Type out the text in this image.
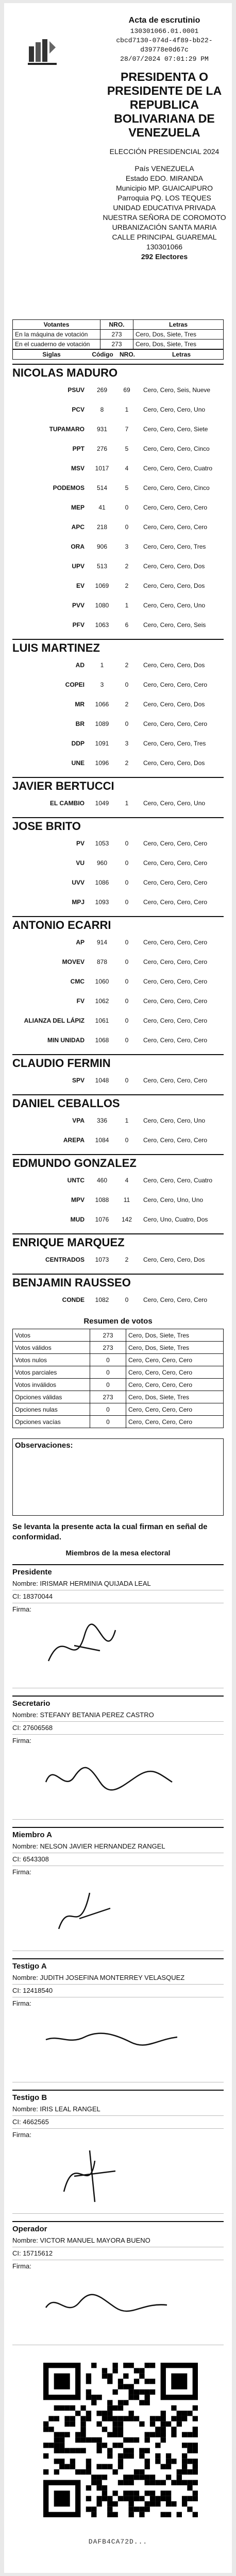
Acta de escrutinio
130301066.01.0001
cbcd7130-074d-4f89-bb22-
d39778e0d67c
28/07/2024 07:01:29 PM
PRESIDENTA O PRESIDENTE DE LA REPUBLICA BOLIVARIANA DE VENEZUELA
ELECCIÓN PRESIDENCIAL 2024
País VENEZUELA
Estado EDO. MIRANDA
Municipio MP. GUAICAIPURO
Parroquia PQ. LOS TEQUES
UNIDAD EDUCATIVA PRIVADA NUESTRA SEÑORA DE COROMOTO URBANIZACIÓN SANTA MARIA CALLE PRINCIPAL GUAREMAL
130301066
292 Electores
Votantes	NRO.	Letras
En la máquina de votación	273	Cero, Dos, Siete, Tres
En el cuaderno de votación	273	Cero, Dos, Siete, Tres
Siglas	Código	NRO.	Letras
NICOLAS MADURO
PSUV	269	69	Cero, Cero, Seis, Nueve
PCV	8	1	Cero, Cero, Cero, Uno
TUPAMARO	931	7	Cero, Cero, Cero, Siete
PPT	276	5	Cero, Cero, Cero, Cinco
MSV	1017	4	Cero, Cero, Cero, Cuatro
PODEMOS	514	5	Cero, Cero, Cero, Cinco
MEP	41	0	Cero, Cero, Cero, Cero
APC	218	0	Cero, Cero, Cero, Cero
ORA	906	3	Cero, Cero, Cero, Tres
UPV	513	2	Cero, Cero, Cero, Dos
EV	1069	2	Cero, Cero, Cero, Dos
PVV	1080	1	Cero, Cero, Cero, Uno
PFV	1063	6	Cero, Cero, Cero, Seis
LUIS MARTINEZ
AD	1	2	Cero, Cero, Cero, Dos
COPEI	3	0	Cero, Cero, Cero, Cero
MR	1066	2	Cero, Cero, Cero, Dos
BR	1089	0	Cero, Cero, Cero, Cero
DDP	1091	3	Cero, Cero, Cero, Tres
UNE	1096	2	Cero, Cero, Cero, Dos
JAVIER BERTUCCI
EL CAMBIO	1049	1	Cero, Cero, Cero, Uno
JOSE BRITO
PV	1053	0	Cero, Cero, Cero, Cero
VU	960	0	Cero, Cero, Cero, Cero
UVV	1086	0	Cero, Cero, Cero, Cero
MPJ	1093	0	Cero, Cero, Cero, Cero
ANTONIO ECARRI
AP	914	0	Cero, Cero, Cero, Cero
MOVEV	878	0	Cero, Cero, Cero, Cero
CMC	1060	0	Cero, Cero, Cero, Cero
FV	1062	0	Cero, Cero, Cero, Cero
ALIANZA DEL LÁPIZ	1061	0	Cero, Cero, Cero, Cero
MIN UNIDAD	1068	0	Cero, Cero, Cero, Cero
CLAUDIO FERMIN
SPV	1048	0	Cero, Cero, Cero, Cero
DANIEL CEBALLOS
VPA	336	1	Cero, Cero, Cero, Uno
AREPA	1084	0	Cero, Cero, Cero, Cero
EDMUNDO GONZALEZ
UNTC	460	4	Cero, Cero, Cero, Cuatro
MPV	1088	11	Cero, Cero, Uno, Uno
MUD	1076	142	Cero, Uno, Cuatro, Dos
ENRIQUE MARQUEZ
CENTRADOS	1073	2	Cero, Cero, Cero, Dos
BENJAMIN RAUSSEO
CONDE	1082	0	Cero, Cero, Cero, Cero
Resumen de votos
Votos	273	Cero, Dos, Siete, Tres
Votos válidos	273	Cero, Dos, Siete, Tres
Votos nulos	0	Cero, Cero, Cero, Cero
Votos parciales	0	Cero, Cero, Cero, Cero
Votos inválidos	0	Cero, Cero, Cero, Cero
Opciones válidas	273	Cero, Dos, Siete, Tres
Opciones nulas	0	Cero, Cero, Cero, Cero
Opciones vacías	0	Cero, Cero, Cero, Cero
Observaciones:
Se levanta la presente acta la cual firman en señal de conformidad.
Miembros de la mesa electoral
Presidente
Nombre: IRISMAR HERMINIA QUIJADA LEAL
CI: 18370044
Firma:
Secretario
Nombre: STEFANY BETANIA PEREZ CASTRO
CI: 27606568
Firma:
Miembro A
Nombre: NELSON JAVIER HERNANDEZ RANGEL
CI: 6543308
Firma:
Testigo A
Nombre: JUDITH JOSEFINA MONTERREY VELASQUEZ
CI: 12418540
Firma:
Testigo B
Nombre: IRIS LEAL RANGEL
CI: 4662565
Firma:
Operador
Nombre: VICTOR MANUEL MAYORA BUENO
CI: 15715612
Firma:
DAFB4CA72D...
